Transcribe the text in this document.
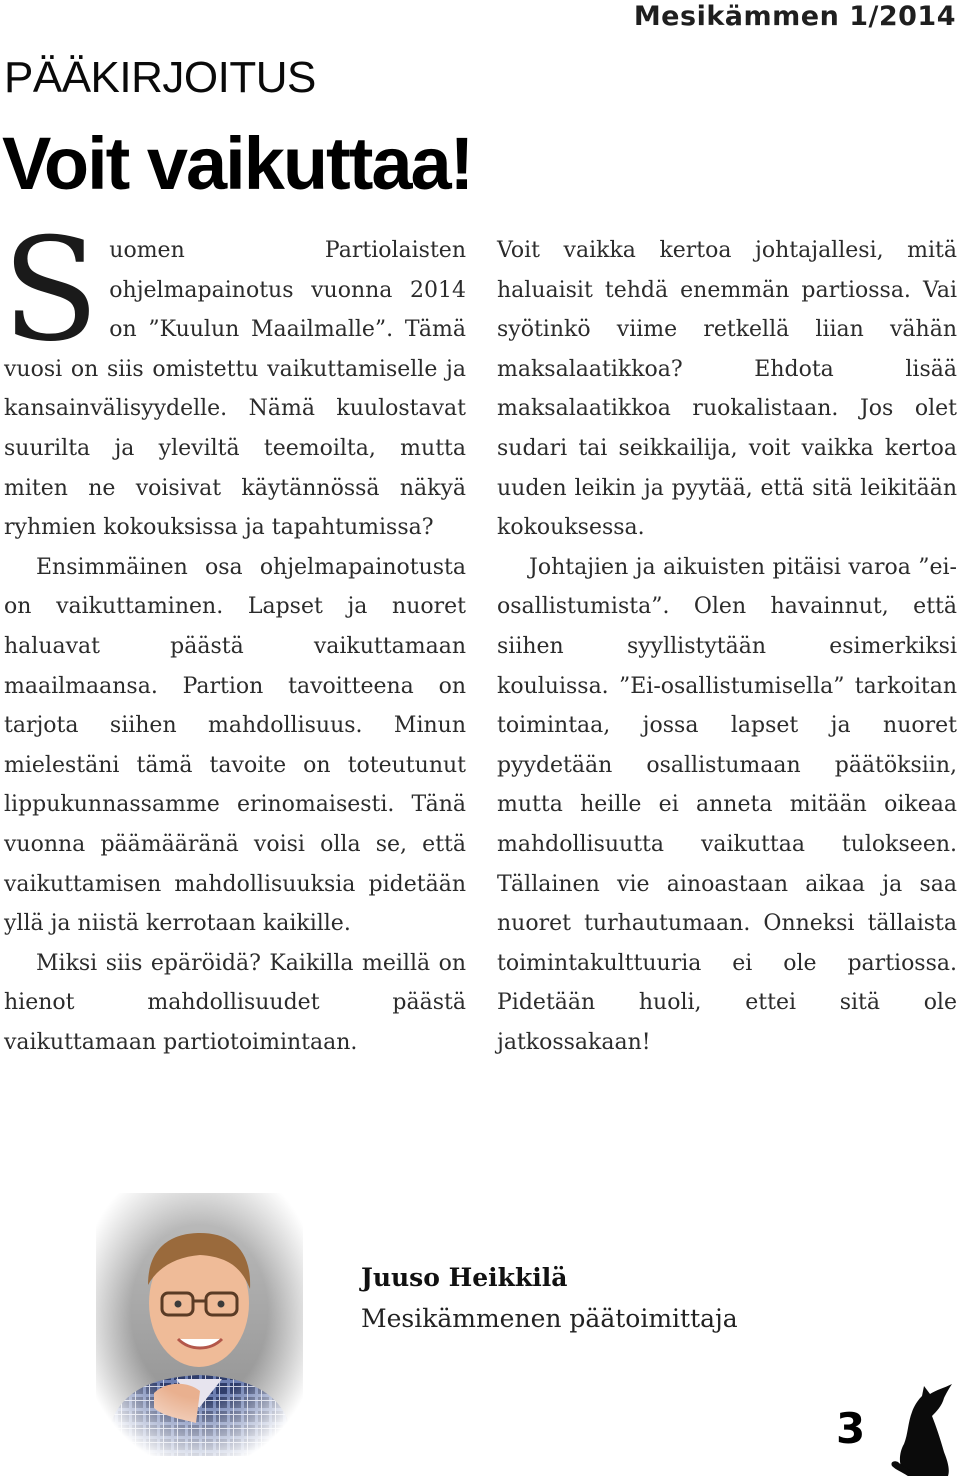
Mesikämmen 1/2014
PÄÄKIRJOITUS
Voit vaikuttaa!

Suomen Partiolaisten ohjelmapainotus vuonna 2014 on ”Kuulun Maailmalle”. Tämä vuosi on siis omistettu vaikuttamiselle ja kansainvälisyydelle. Nämä kuulostavat suurilta ja yleviltä teemoilta, mutta miten ne voisivat käytännössä näkyä ryhmien kokouksissa ja tapahtumissa?

Ensimmäinen osa ohjelmapainotusta on vaikuttaminen. Lapset ja nuoret haluavat päästä vaikuttamaan maailmaansa. Partion tavoitteena on tarjota siihen mahdollisuus. Minun mielestäni tämä tavoite on toteutunut lippukunnassamme erinomaisesti. Tänä vuonna päämääränä voisi olla se, että vaikuttamisen mahdollisuuksia pidetään yllä ja niistä kerrotaan kaikille.

Miksi siis epäröidä? Kaikilla meillä on hienot mahdollisuudet päästä vaikuttamaan partiotoimintaan.

Voit vaikka kertoa johtajallesi, mitä haluaisit tehdä enemmän partiossa. Vai syötinkö viime retkellä liian vähän maksalaatikkoa? Ehdota lisää maksalaatikkoa ruokalistaan. Jos olet sudari tai seikkailija, voit vaikka kertoa uuden leikin ja pyytää, että sitä leikitään kokouksessa.

Johtajien ja aikuisten pitäisi varoa ”ei-osallistumista”. Olen havainnut, että siihen syyllistytään esimerkiksi kouluissa. ”Ei-osallistumisella” tarkoitan toimintaa, jossa lapset ja nuoret pyydetään osallistumaan päätöksiin, mutta heille ei anneta mitään oikeaa mahdollisuutta vaikuttaa tulokseen. Tällainen vie ainoastaan aikaa ja saa nuoret turhautumaan. Onneksi tällaista toimintakulttuuria ei ole partiossa. Pidetään huoli, ettei sitä ole jatkossakaan!

Juuso Heikkilä
Mesikämmenen päätoimittaja
3
